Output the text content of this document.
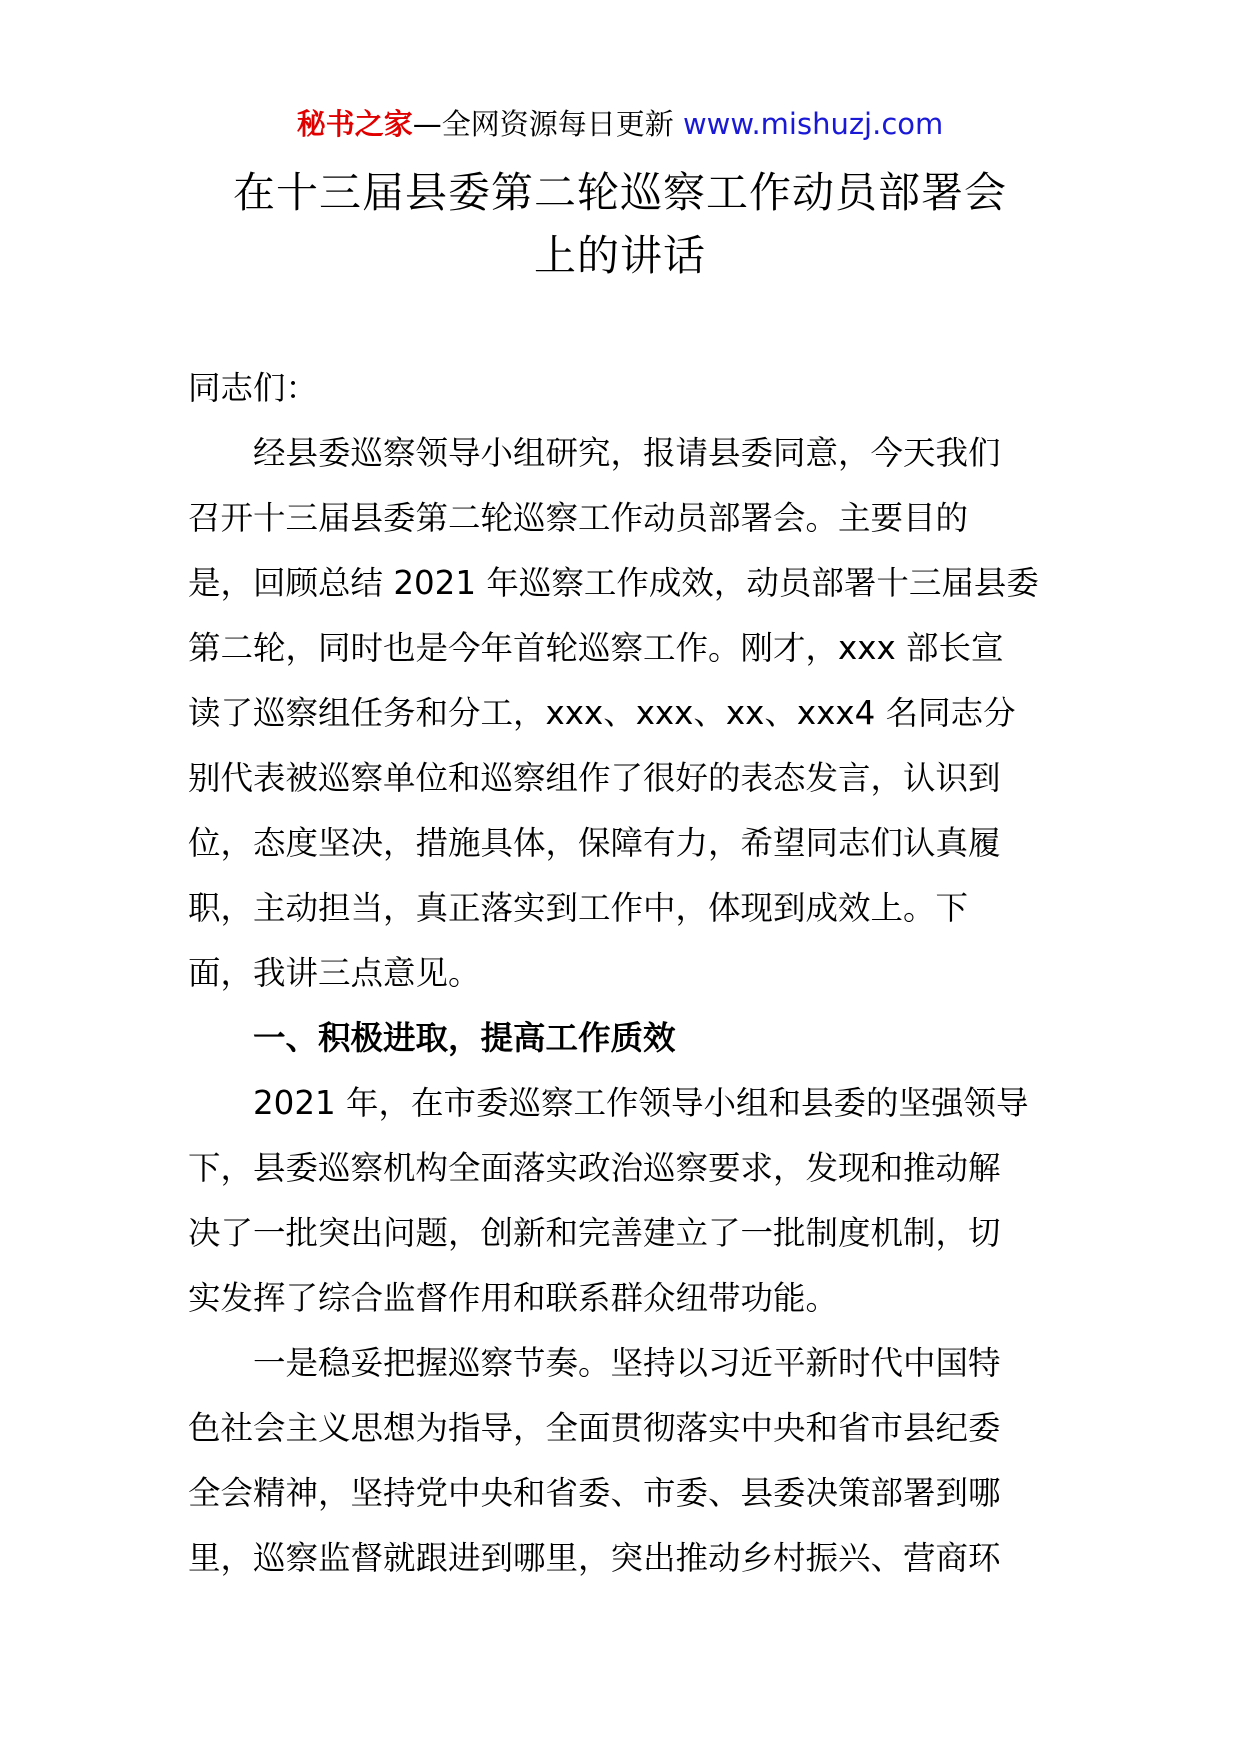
秘书之家—全网资源每日更新 www.mishuzj.com
在十三届县委第二轮巡察工作动员部署会
上的讲话
同志们：
经县委巡察领导小组研究，报请县委同意，今天我们
召开十三届县委第二轮巡察工作动员部署会。主要目的
是，回顾总结 2021 年巡察工作成效，动员部署十三届县委
第二轮，同时也是今年首轮巡察工作。刚才，xxx 部长宣
读了巡察组任务和分工，xxx、xxx、xx、xxx4 名同志分
别代表被巡察单位和巡察组作了很好的表态发言，认识到
位，态度坚决，措施具体，保障有力，希望同志们认真履
职，主动担当，真正落实到工作中，体现到成效上。下
面，我讲三点意见。
一、积极进取，提高工作质效
2021 年，在市委巡察工作领导小组和县委的坚强领导
下，县委巡察机构全面落实政治巡察要求，发现和推动解
决了一批突出问题，创新和完善建立了一批制度机制，切
实发挥了综合监督作用和联系群众纽带功能。
一是稳妥把握巡察节奏。坚持以习近平新时代中国特
色社会主义思想为指导，全面贯彻落实中央和省市县纪委
全会精神，坚持党中央和省委、市委、县委决策部署到哪
里，巡察监督就跟进到哪里，突出推动乡村振兴、营商环
